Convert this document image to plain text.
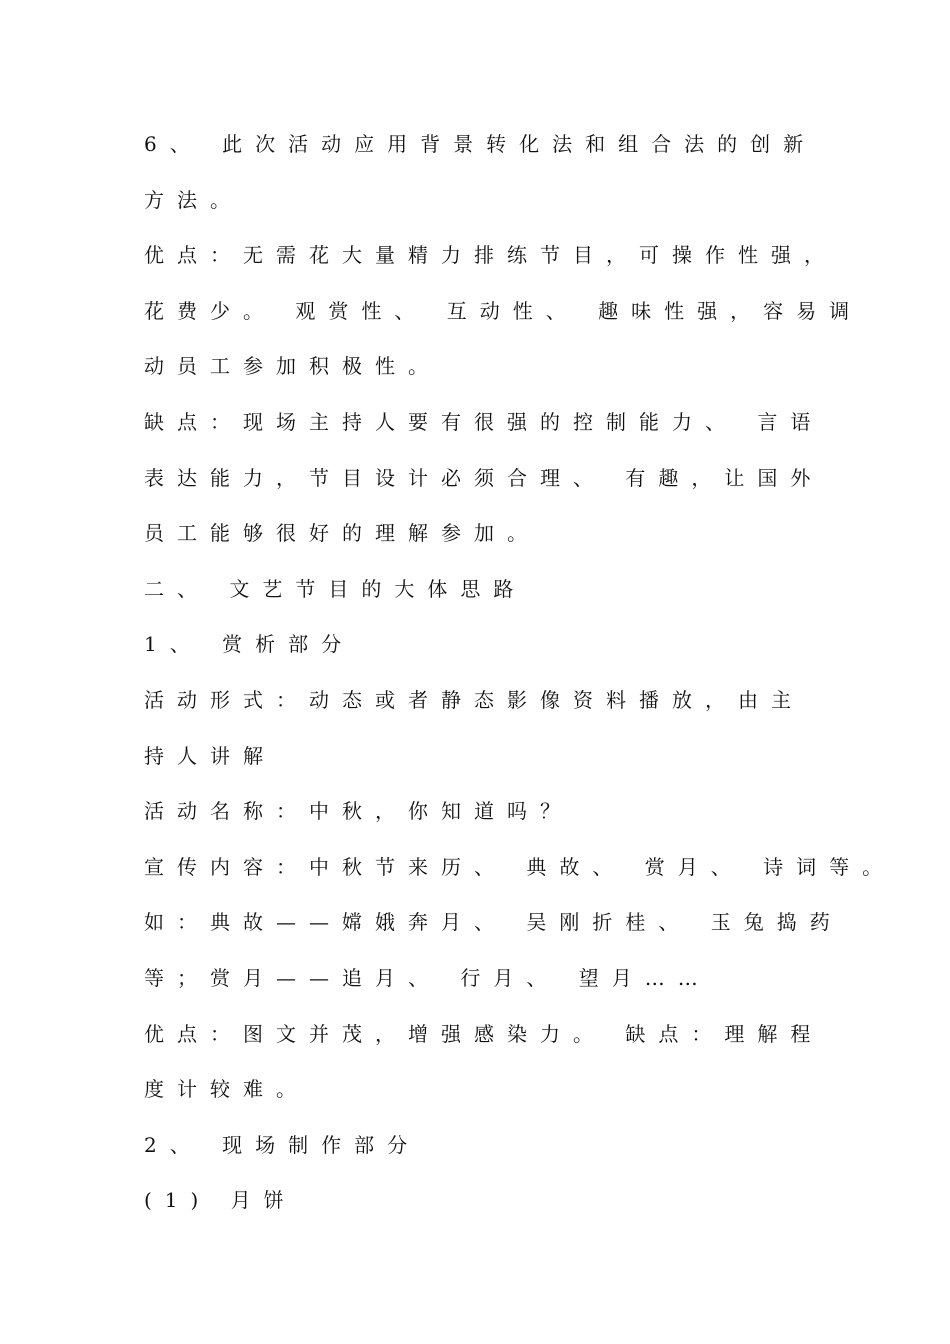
6、 此次活动应用背景转化法和组合法的创新
方法。
优点：无需花大量精力排练节目，可操作性强，
花费少。 观赏性、 互动性、 趣味性强，容易调
动员工参加积极性。
缺点：现场主持人要有很强的控制能力、 言语
表达能力，节目设计必须合理、 有趣，让国外
员工能够很好的理解参加。
二、 文艺节目的大体思路
1、 赏析部分
活动形式：动态或者静态影像资料播放，由主
持人讲解
活动名称：中秋，你知道吗？
宣传内容：中秋节来历、 典故、 赏月、 诗词等。
如：典故——嫦娥奔月、 吴刚折桂、 玉兔捣药
等；赏月——追月、 行月、 望月……
优点：图文并茂，增强感染力。 缺点：理解程
度计较难。
2、 现场制作部分
(1) 月饼
